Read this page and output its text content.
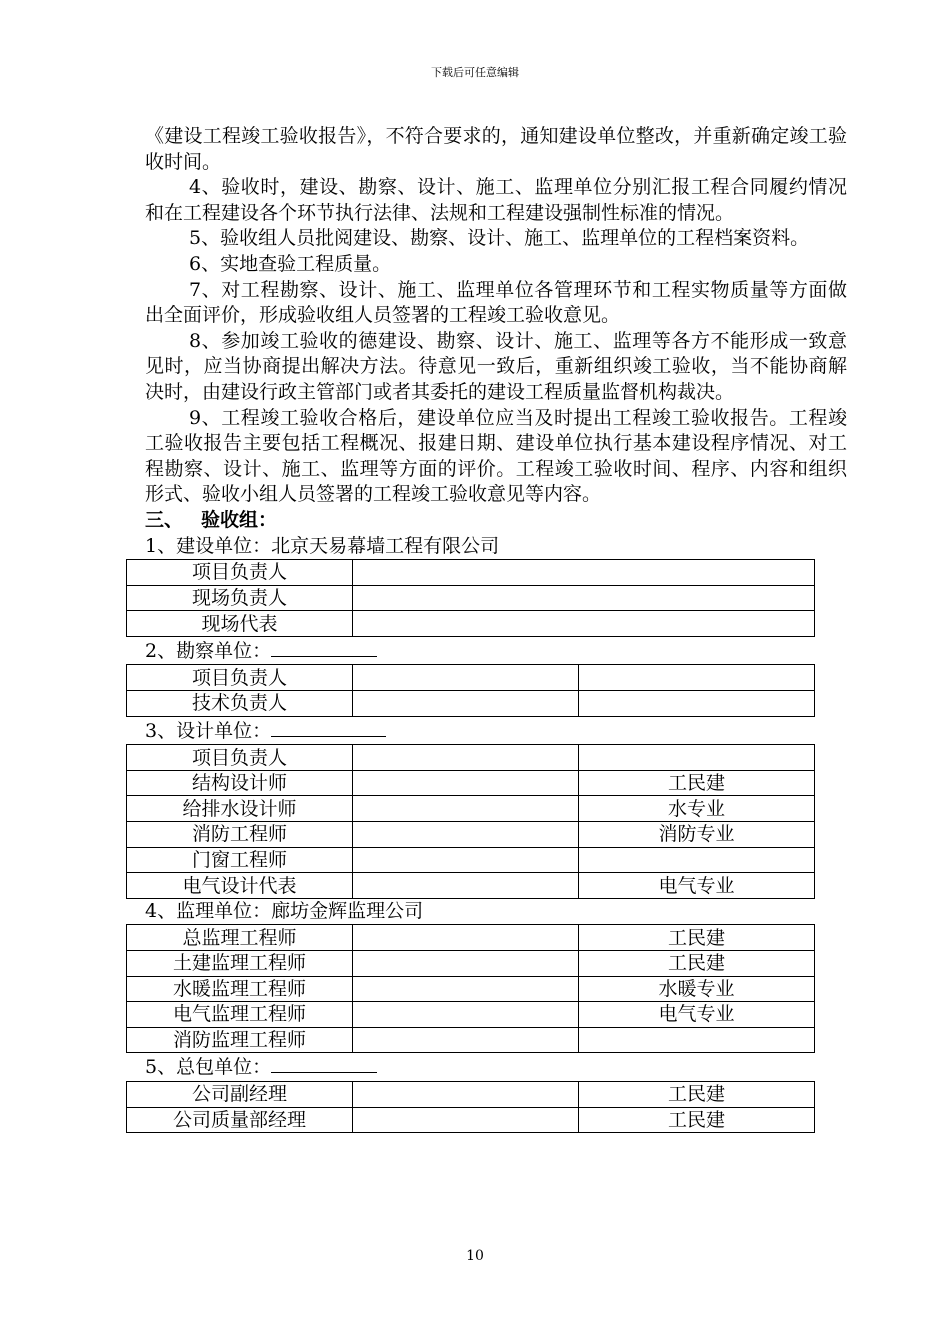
下载后可任意编辑

《建设工程竣工验收报告》，不符合要求的，通知建设单位整改，并重新确定竣工验收时间。

4、验收时，建设、勘察、设计、施工、监理单位分别汇报工程合同履约情况和在工程建设各个环节执行法律、法规和工程建设强制性标准的情况。

5、验收组人员批阅建设、勘察、设计、施工、监理单位的工程档案资料。

6、实地查验工程质量。

7、对工程勘察、设计、施工、监理单位各管理环节和工程实物质量等方面做出全面评价，形成验收组人员签署的工程竣工验收意见。

8、参加竣工验收的德建设、勘察、设计、施工、监理等各方不能形成一致意见时，应当协商提出解决方法。待意见一致后，重新组织竣工验收，当不能协商解决时，由建设行政主管部门或者其委托的建设工程质量监督机构裁决。

9、工程竣工验收合格后，建设单位应当及时提出工程竣工验收报告。工程竣工验收报告主要包括工程概况、报建日期、建设单位执行基本建设程序情况、对工程勘察、设计、施工、监理等方面的评价。工程竣工验收时间、程序、内容和组织形式、验收小组人员签署的工程竣工验收意见等内容。

三、 验收组：

1、建设单位：北京天易幕墙工程有限公司

项目负责人	
现场负责人	
现场代表	

2、勘察单位：

项目负责人		
技术负责人		

3、设计单位：

项目负责人		
结构设计师		工民建
给排水设计师		水专业
消防工程师		消防专业
门窗工程师		
电气设计代表		电气专业

4、监理单位：廊坊金辉监理公司

总监理工程师		工民建
土建监理工程师		工民建
水暖监理工程师		水暖专业
电气监理工程师		电气专业
消防监理工程师		

5、总包单位：

公司副经理		工民建
公司质量部经理		工民建
10
